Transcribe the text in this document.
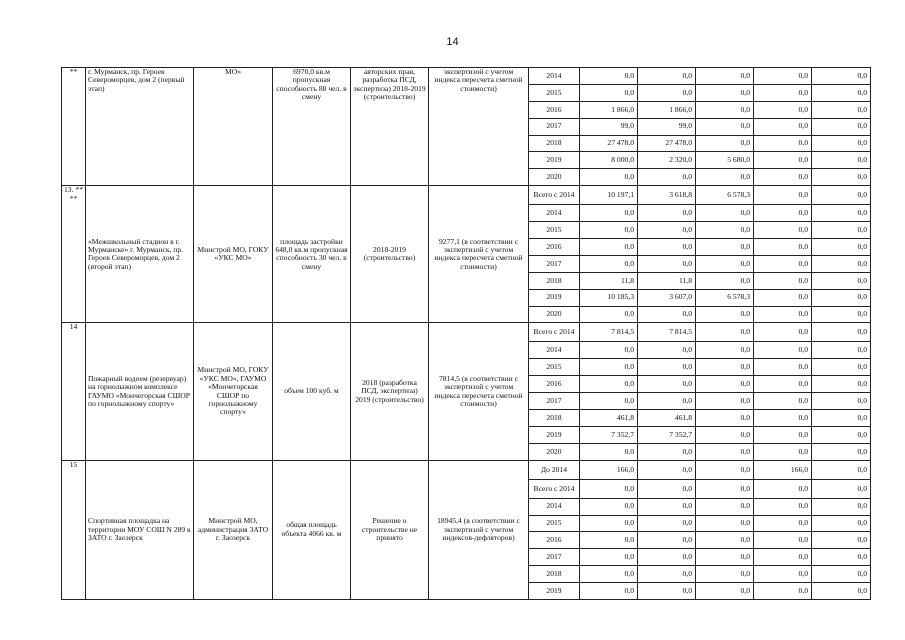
14
**	г. Мурманск, пр. Героев Североморцев, дом 2 (первый этап)	МО»	6970,0 кв.м пропускная способность 88 чел. в смену	авторских прав, разработка ПСД, экспертиза) 2018-2019 (строительство)	экспертизой с учетом индекса пересчета сметной стоимости)	2014	0,0	0,0	0,0	0,0	0,0
						2015	0,0	0,0	0,0	0,0	0,0
						2016	1 866,0	1 866,0	0,0	0,0	0,0
						2017	99,0	99,0	0,0	0,0	0,0
						2018	27 478,0	27 478,0	0,0	0,0	0,0
						2019	8 000,0	2 320,0	5 680,0	0,0	0,0
						2020	0,0	0,0	0,0	0,0	0,0
13. ** **	«Межшкольный стадион в г. Мурманске» г. Мурманск, пр. Героев Североморцев, дом 2 (второй этап)	Минстрой МО, ГОКУ «УКС МО»	площадь застройки 648,0 кв.м пропускная способность 30 чел. в смену	2018-2019 (строительство)	9277,1 (в соответствии с экспертизой с учетом индекса пересчета сметной стоимости)	Всего с 2014	10 197,1	3 618,8	6 578,3	0,0	0,0
						2014	0,0	0,0	0,0	0,0	0,0
						2015	0,0	0,0	0,0	0,0	0,0
						2016	0,0	0,0	0,0	0,0	0,0
						2017	0,0	0,0	0,0	0,0	0,0
						2018	11,8	11,8	0,0	0,0	0,0
						2019	10 185,3	3 607,0	6 578,3	0,0	0,0
						2020	0,0	0,0	0,0	0,0	0,0
14	Пожарный водоем (резервуар) на горнолыжном комплексе ГАУМО «Мончегорская СШОР по горнолыжному спорту»	Минстрой МО, ГОКУ «УКС МО», ГАУМО «Мончегорская СШОР по горнолыжному спорту»	объем 100 куб. м	2018 (разработка ПСД, экспертиза) 2019 (строительство)	7814,5 (в соответствии с экспертизой с учетом индекса пересчета сметной стоимости)	Всего с 2014	7 814,5	7 814,5	0,0	0,0	0,0
						2014	0,0	0,0	0,0	0,0	0,0
						2015	0,0	0,0	0,0	0,0	0,0
						2016	0,0	0,0	0,0	0,0	0,0
						2017	0,0	0,0	0,0	0,0	0,0
						2018	461,8	461,8	0,0	0,0	0,0
						2019	7 352,7	7 352,7	0,0	0,0	0,0
						2020	0,0	0,0	0,0	0,0	0,0
15	Спортивная площадка на территории МОУ СОШ N 289 в ЗАТО г. Заозерск	Минстрой МО, администрация ЗАТО г. Заозерск	общая площадь объекта 4066 кв. м	Решение о строительстве не принято	18945,4 (в соответствии с экспертизой с учетом индексов-дефляторов)	До 2014	166,0	0,0	0,0	166,0	0,0
						Всего с 2014	0,0	0,0	0,0	0,0	0,0
						2014	0,0	0,0	0,0	0,0	0,0
						2015	0,0	0,0	0,0	0,0	0,0
						2016	0,0	0,0	0,0	0,0	0,0
						2017	0,0	0,0	0,0	0,0	0,0
						2018	0,0	0,0	0,0	0,0	0,0
						2019	0,0	0,0	0,0	0,0	0,0
